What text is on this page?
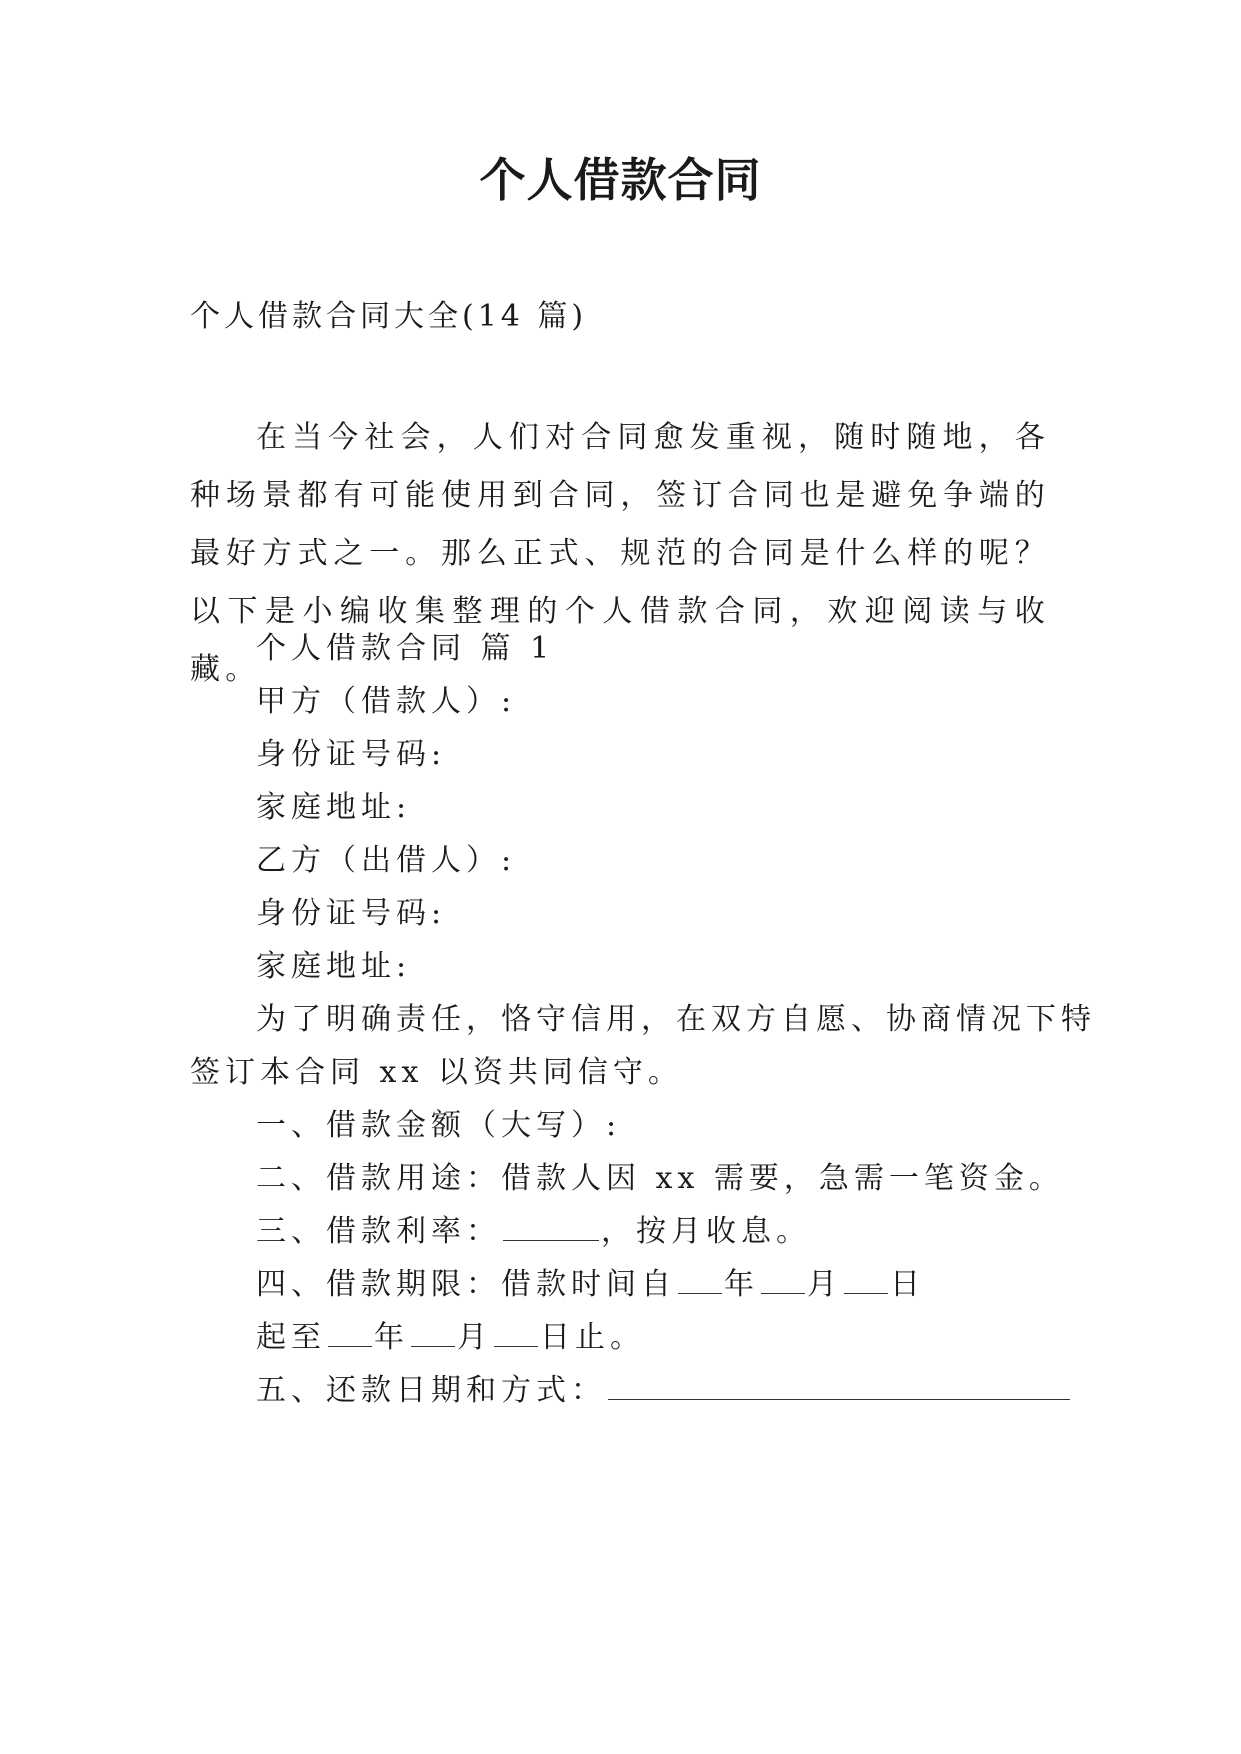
个人借款合同
个人借款合同大全(14 篇)
在当今社会，人们对合同愈发重视，随时随地，各种场景都有可能使用到合同，签订合同也是避免争端的最好方式之一。那么正式、规范的合同是什么样的呢？以下是小编收集整理的个人借款合同，欢迎阅读与收藏。
个人借款合同 篇 1
甲方（借款人）:
身份证号码:
家庭地址:
乙方（出借人）:
身份证号码:
家庭地址:
为了明确责任，恪守信用，在双方自愿、协商情况下特
签订本合同 xx 以资共同信守。
一、借款金额（大写）:
二、借款用途：借款人因 xx 需要，急需一笔资金。
三、借款利率：	，按月收息。
四、借款期限：借款时间自 年 月 日
起至 年 月 日止。
五、还款日期和方式：
